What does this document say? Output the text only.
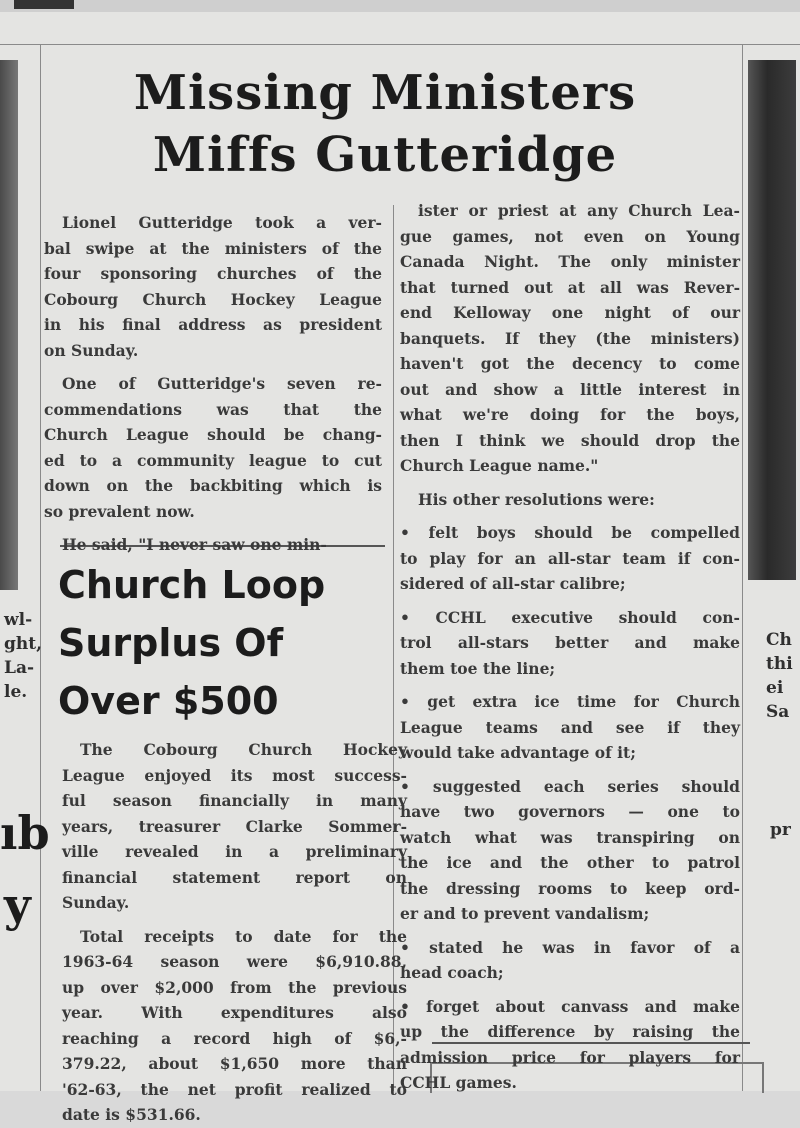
Missing Ministers
Miffs Gutteridge
Lionel Gutteridge took a ver-
bal swipe at the ministers of the
four sponsoring churches of the
Cobourg Church Hockey League
in his final address as president
on Sunday.
One of Gutteridge's seven re-
commendations was that the
Church League should be chang-
ed to a community league to cut
down on the backbiting which is
so prevalent now.
He said, "I never saw one min-
ister or priest at any Church Lea-
gue games, not even on Young
Canada Night. The only minister
that turned out at all was Rever-
end Kelloway one night of our
banquets. If they (the ministers)
haven't got the decency to come
out and show a little interest in
what we're doing for the boys,
then I think we should drop the
Church League name."
His other resolutions were:
• felt boys should be compelled
to play for an all-star team if con-
sidered of all-star calibre;
• CCHL executive should con-
trol all-stars better and make
them toe the line;
• get extra ice time for Church
League teams and see if they
would take advantage of it;
• suggested each series should
have two governors — one to
watch what was transpiring on
the ice and the other to patrol
the dressing rooms to keep ord-
er and to prevent vandalism;
• stated he was in favor of a
head coach;
• forget about canvass and make
up the difference by raising the
admission price for players for
CCHL games.
Church Loop
Surplus Of
Over $500
The Cobourg Church Hockey
League enjoyed its most success-
ful season financially in many
years, treasurer Clarke Sommer-
ville revealed in a preliminary
financial statement report on
Sunday.
Total receipts to date for the
1963-64 season were $6,910.88,
up over $2,000 from the previous
year. With expenditures also
reaching a record high of $6,-
379.22, about $1,650 more than
'62-63, the net profit realized to
date is $531.66.
wl-
ght,
La-
le.
ıb
y
Ch
thi
ei
Sa
pr
